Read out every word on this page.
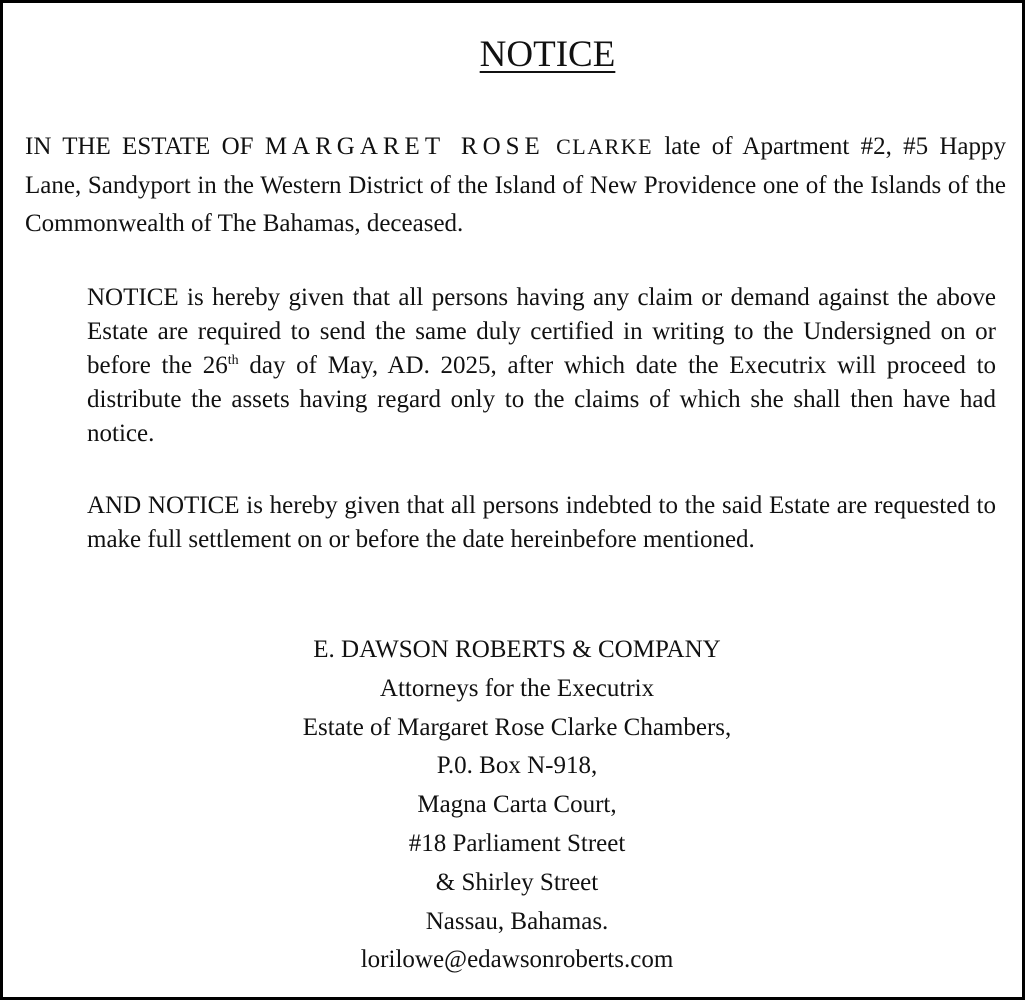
NOTICE
IN THE ESTATE OF MARGARET ROSE CLARKE late of Apartment #2, #5 Happy Lane, Sandyport in the Western District of the Island of New Providence one of the Islands of the Commonwealth of The Bahamas, deceased.
NOTICE is hereby given that all persons having any claim or demand against the above Estate are required to send the same duly certified in writing to the Undersigned on or before the 26th day of May, AD. 2025, after which date the Executrix will proceed to distribute the assets having regard only to the claims of which she shall then have had notice.
AND NOTICE is hereby given that all persons indebted to the said Estate are requested to make full settlement on or before the date hereinbefore mentioned.
E. DAWSON ROBERTS & COMPANY
Attorneys for the Executrix
Estate of Margaret Rose Clarke Chambers,
P.0. Box N-918,
Magna Carta Court,
#18 Parliament Street
& Shirley Street
Nassau, Bahamas.
lorilowe@edawsonroberts.com
